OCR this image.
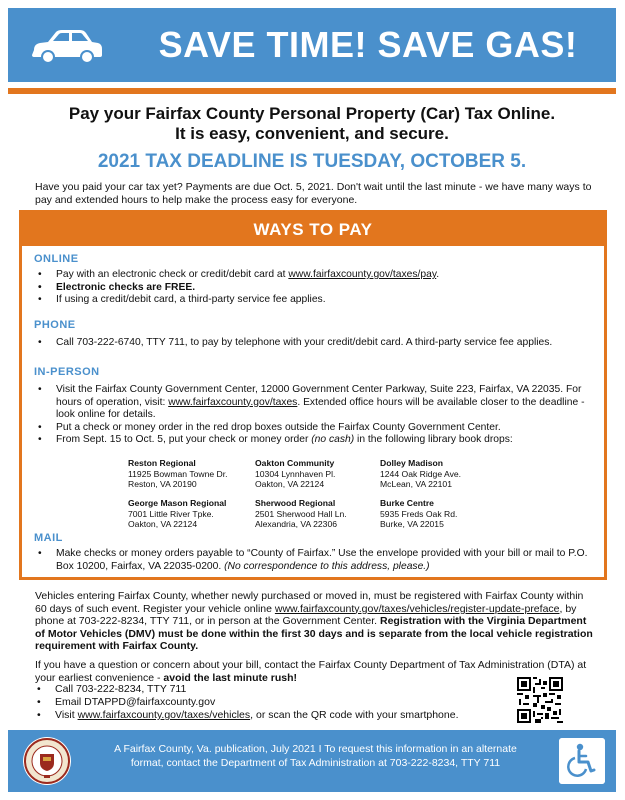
SAVE TIME! SAVE GAS!
Pay your Fairfax County Personal Property (Car) Tax Online.
It is easy, convenient, and secure.
2021 TAX DEADLINE IS TUESDAY, OCTOBER 5.
Have you paid your car tax yet? Payments are due Oct. 5, 2021. Don't wait until the last minute - we have many ways to pay and extended hours to help make the process easy for everyone.
WAYS TO PAY
ONLINE
• Pay with an electronic check or credit/debit card at www.fairfaxcounty.gov/taxes/pay.
• Electronic checks are FREE.
• If using a credit/debit card, a third-party service fee applies.
PHONE
• Call 703-222-6740, TTY 711, to pay by telephone with your credit/debit card. A third-party service fee applies.
IN-PERSON
• Visit the Fairfax County Government Center, 12000 Government Center Parkway, Suite 223, Fairfax, VA 22035. For hours of operation, visit: www.fairfaxcounty.gov/taxes. Extended office hours will be available closer to the deadline - look online for details.
• Put a check or money order in the red drop boxes outside the Fairfax County Government Center.
• From Sept. 15 to Oct. 5, put your check or money order (no cash) in the following library book drops:
Reston Regional
11925 Bowman Towne Dr.
Reston, VA 20190
Oakton Community
10304 Lynnhaven Pl.
Oakton, VA 22124
Dolley Madison
1244 Oak Ridge Ave.
McLean, VA 22101
George Mason Regional
7001 Little River Tpke.
Oakton, VA 22124
Sherwood Regional
2501 Sherwood Hall Ln.
Alexandria, VA 22306
Burke Centre
5935 Freds Oak Rd.
Burke, VA 22015
MAIL
• Make checks or money orders payable to “County of Fairfax.” Use the envelope provided with your bill or mail to P.O. Box 10200, Fairfax, VA 22035-0200. (No correspondence to this address, please.)
Vehicles entering Fairfax County, whether newly purchased or moved in, must be registered with Fairfax County within 60 days of such event. Register your vehicle online www.fairfaxcounty.gov/taxes/vehicles/register-update-preface, by phone at 703-222-8234, TTY 711, or in person at the Government Center. Registration with the Virginia Department of Motor Vehicles (DMV) must be done within the first 30 days and is separate from the local vehicle registration requirement with Fairfax County.
If you have a question or concern about your bill, contact the Fairfax County Department of Tax Administration (DTA) at your earliest convenience - avoid the last minute rush!
• Call 703-222-8234, TTY 711
• Email DTAPPD@fairfaxcounty.gov
• Visit www.fairfaxcounty.gov/taxes/vehicles, or scan the QR code with your smartphone.
A Fairfax County, Va. publication, July 2021 I To request this information in an alternate
format, contact the Department of Tax Administration at 703-222-8234, TTY 711
